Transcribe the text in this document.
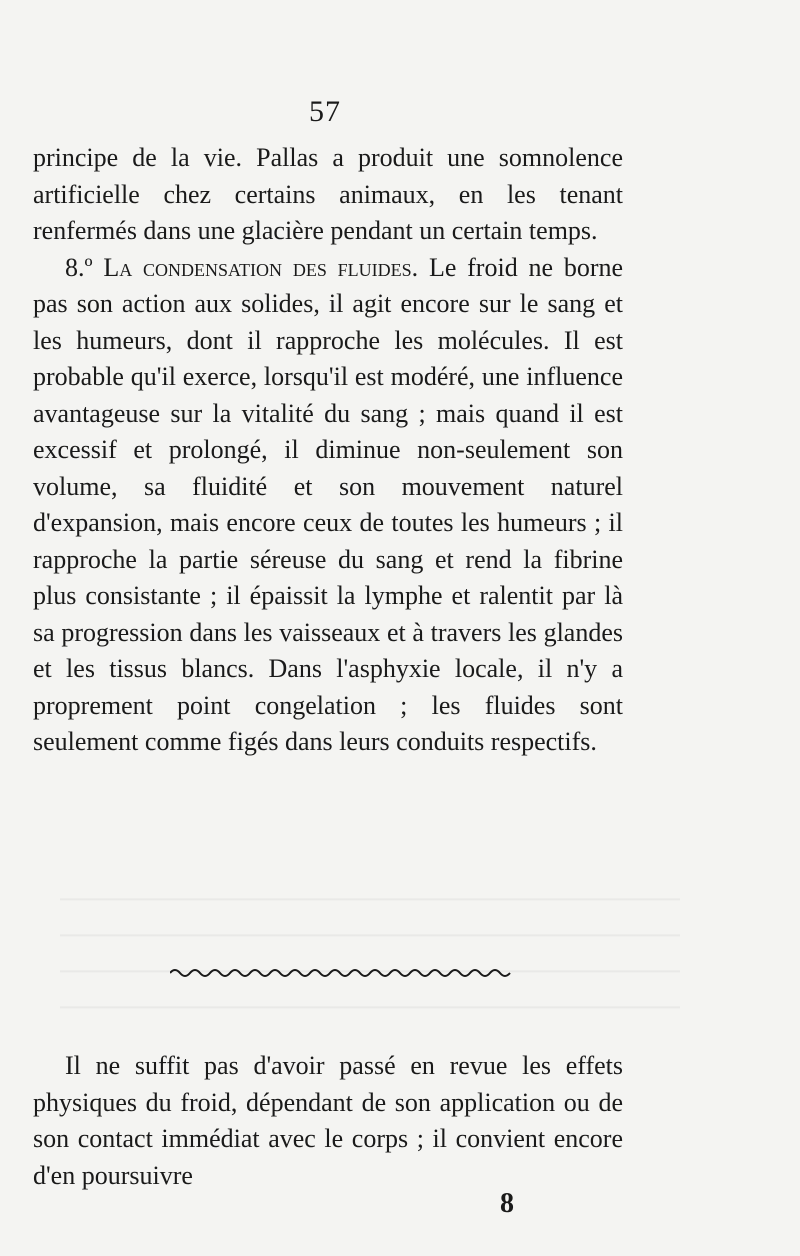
57

principe de la vie. Pallas a produit une somnolence artificielle chez certains animaux, en les tenant renfermés dans une glacière pendant un certain temps.

8.º La condensation des fluides. Le froid ne borne pas son action aux solides, il agit encore sur le sang et les humeurs, dont il rapproche les molécules. Il est probable qu'il exerce, lorsqu'il est modéré, une influence avantageuse sur la vitalité du sang ; mais quand il est excessif et prolongé, il diminue non-seulement son volume, sa fluidité et son mouvement naturel d'expansion, mais encore ceux de toutes les humeurs ; il rapproche la partie séreuse du sang et rend la fibrine plus consistante ; il épaissit la lymphe et ralentit par là sa progression dans les vaisseaux et à travers les glandes et les tissus blancs. Dans l'asphyxie locale, il n'y a proprement point congelation ; les fluides sont seulement comme figés dans leurs conduits respectifs.

Il ne suffit pas d'avoir passé en revue les effets physiques du froid, dépendant de son application ou de son contact immédiat avec le corps ; il convient encore d'en poursuivre

8
